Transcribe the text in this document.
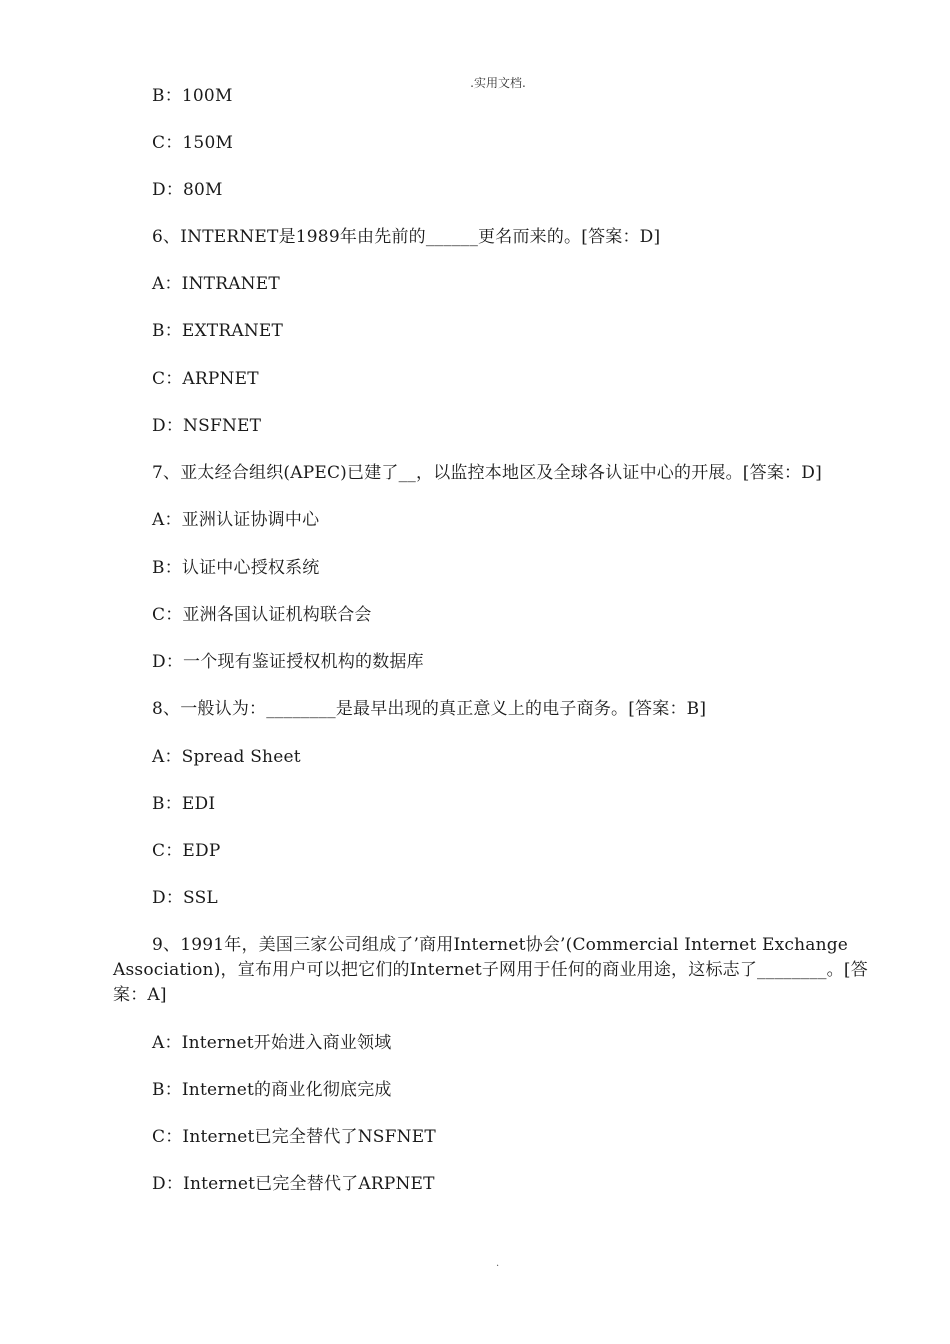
.实用文档.
B：100M
C：150M
D：80M
6、INTERNET是1989年由先前的______更名而来的。[答案：D]
A：INTRANET
B：EXTRANET
C：ARPNET
D：NSFNET
7、亚太经合组织(APEC)已建了__，以监控本地区及全球各认证中心的开展。[答案：D]
A：亚洲认证协调中心
B：认证中心授权系统
C：亚洲各国认证机构联合会
D：一个现有鉴证授权机构的数据库
8、一般认为：________是最早出现的真正意义上的电子商务。[答案：B]
A：Spread Sheet
B：EDI
C：EDP
D：SSL
9、1991年，美国三家公司组成了’商用Internet协会’(Commercial Internet Exchange Association)，宣布用户可以把它们的Internet子网用于任何的商业用途，这标志了________。[答案：A]
A：Internet开始进入商业领域
B：Internet的商业化彻底完成
C：Internet已完全替代了NSFNET
D：Internet已完全替代了ARPNET
.
